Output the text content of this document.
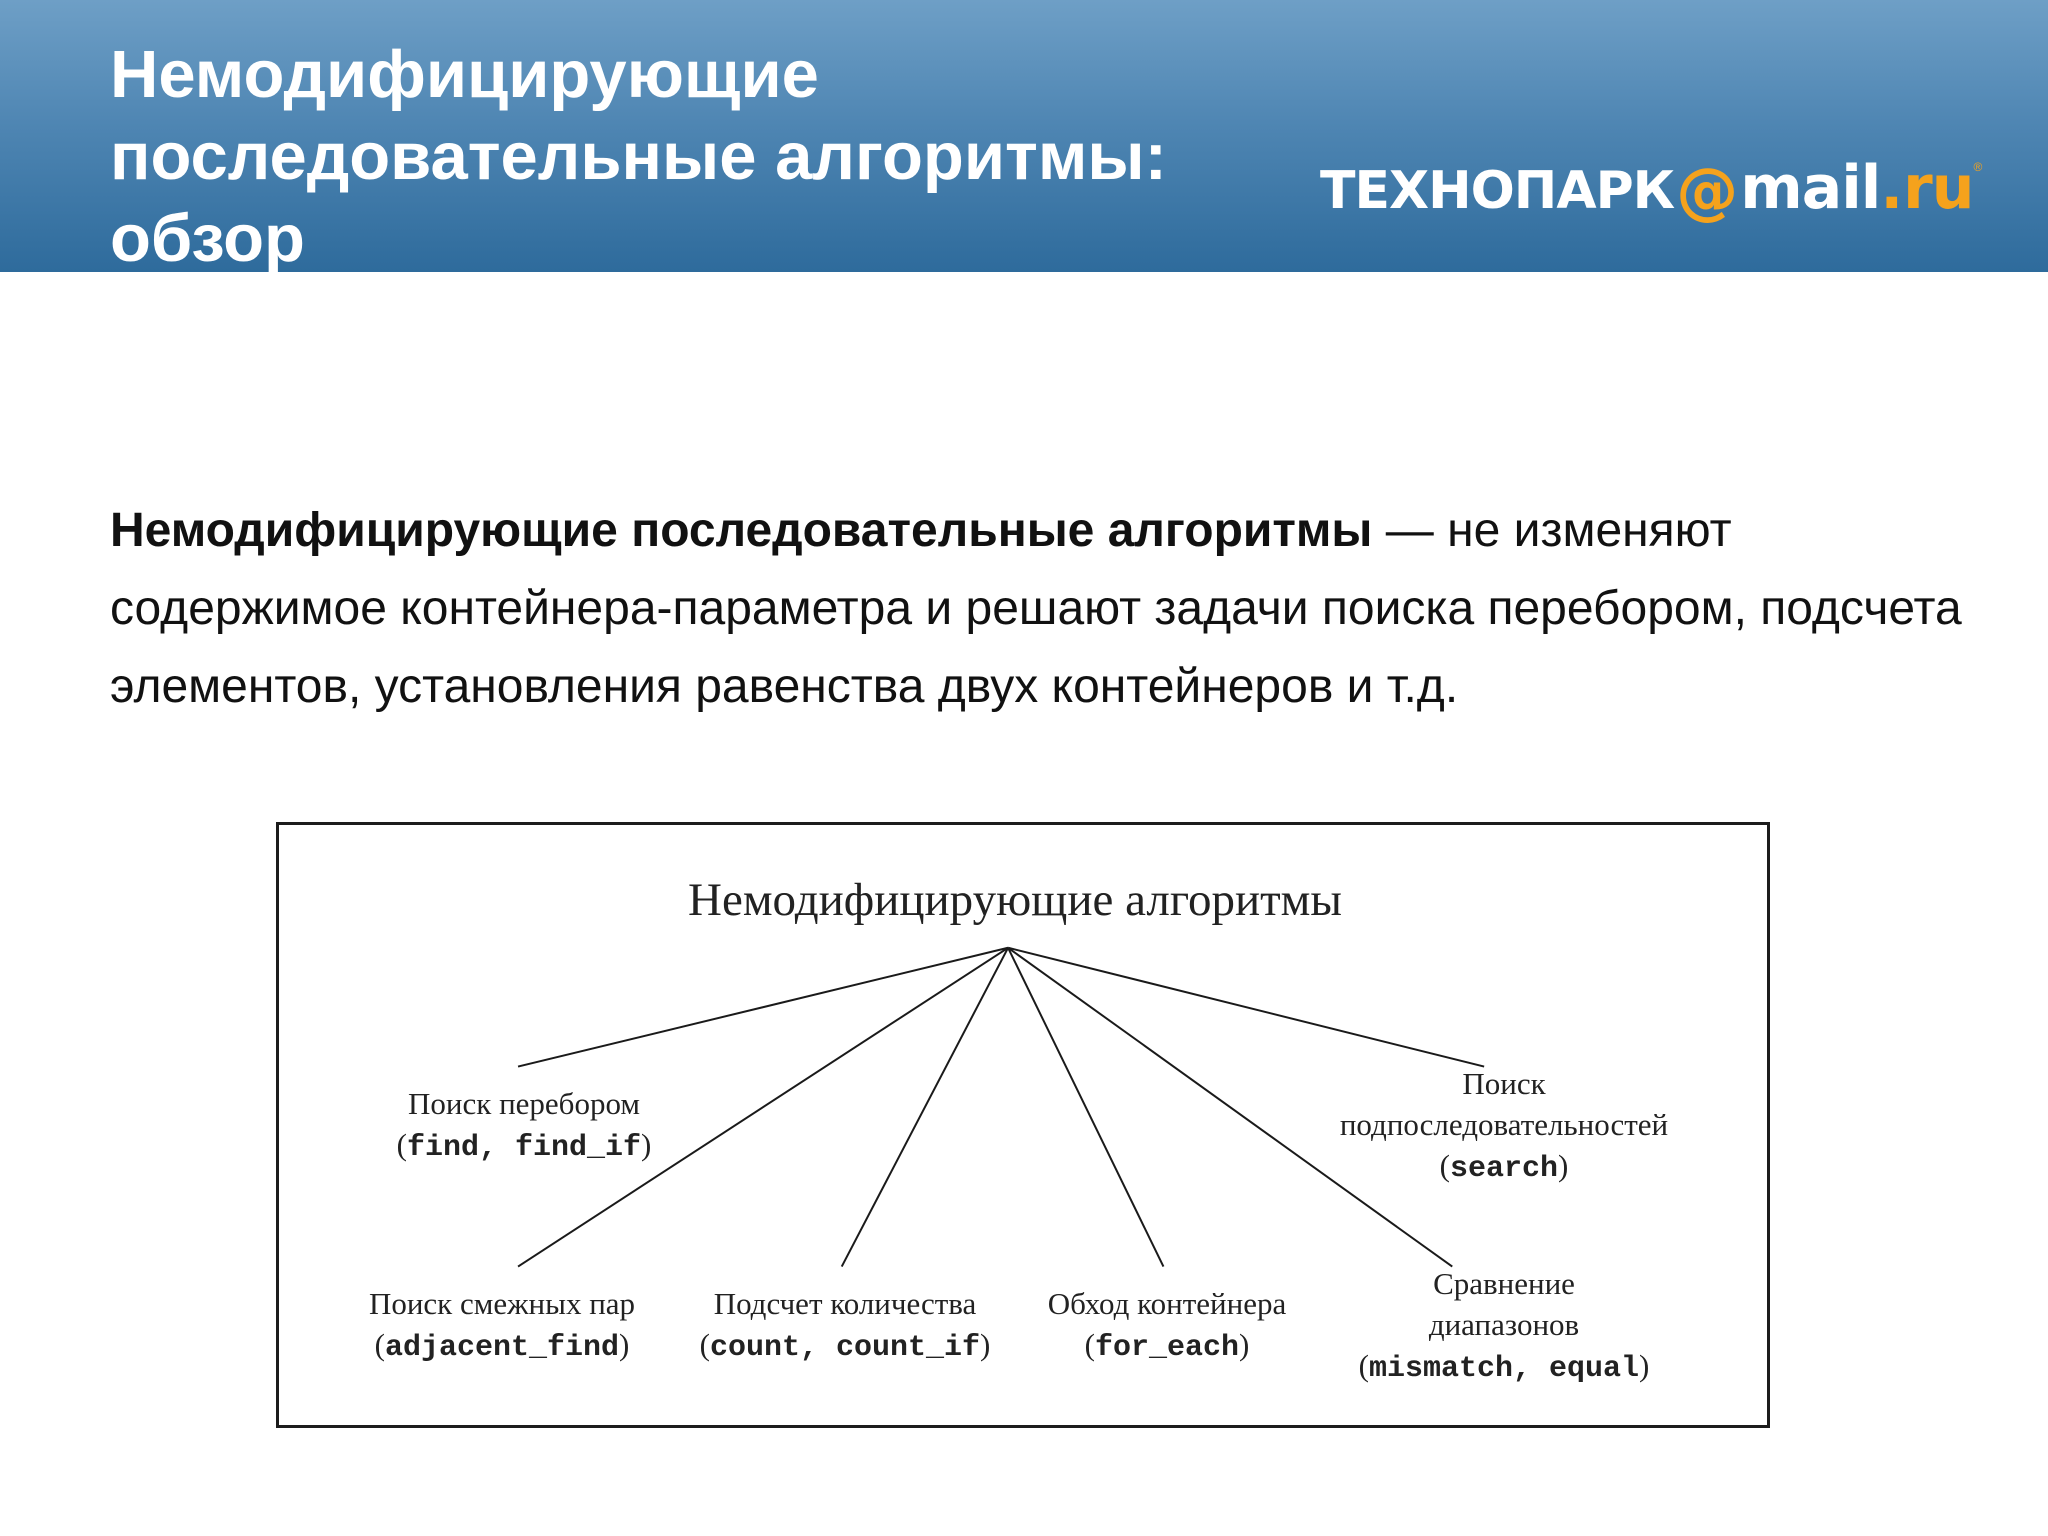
Немодифицирующие
последовательные алгоритмы:
обзор
ТЕХНОПАРК @ mail . ru ®

Немодифицирующие последовательные алгоритмы — не изменяют содержимое контейнера-параметра и решают задачи поиска перебором, подсчета элементов, установления равенства двух контейнеров и т.д.

Немодифицирующие алгоритмы
Поиск перебором
(find, find_if)
Поиск
подпоследовательностей
(search)
Поиск смежных пар
(adjacent_find)
Подсчет количества
(count, count_if)
Обход контейнера
(for_each)
Сравнение
диапазонов
(mismatch, equal)
